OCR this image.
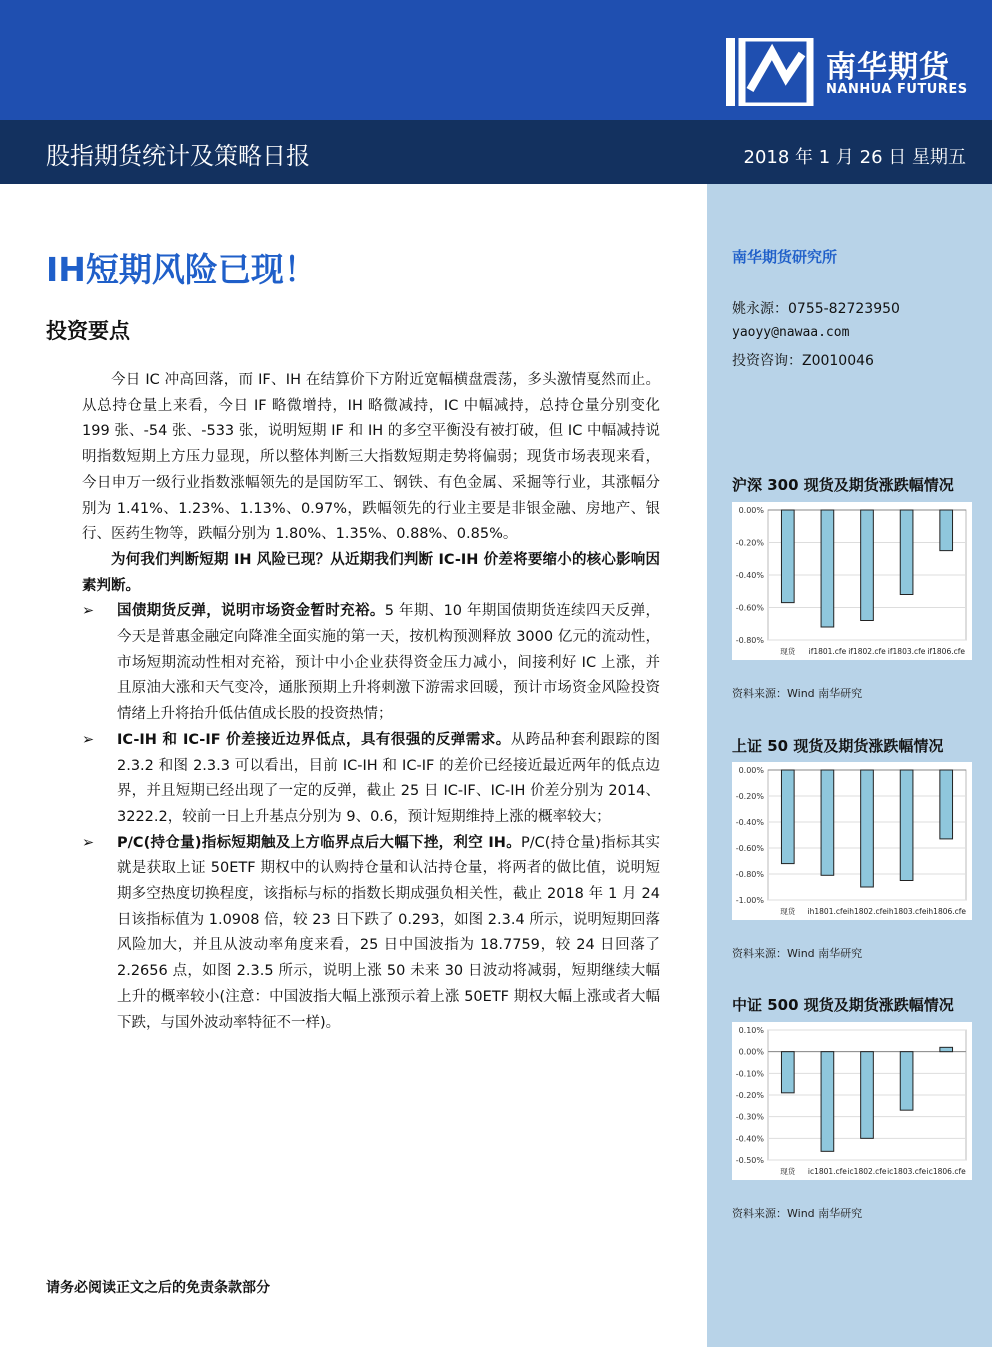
南华期货
NANHUA FUTURES
股指期货统计及策略日报	2018 年 1 月 26 日 星期五
IH短期风险已现！
投资要点

今日 IC 冲高回落，而 IF、IH 在结算价下方附近宽幅横盘震荡，多头激情戛然而止。从总持仓量上来看，今日 IF 略微增持，IH 略微减持，IC 中幅减持，总持仓量分别变化 199 张、-54 张、-533 张，说明短期 IF 和 IH 的多空平衡没有被打破，但 IC 中幅减持说明指数短期上方压力显现，所以整体判断三大指数短期走势将偏弱；现货市场表现来看，今日申万一级行业指数涨幅领先的是国防军工、钢铁、有色金属、采掘等行业，其涨幅分别为 1.41%、1.23%、1.13%、0.97%，跌幅领先的行业主要是非银金融、房地产、银行、医药生物等，跌幅分别为 1.80%、1.35%、0.88%、0.85%。

为何我们判断短期 IH 风险已现？从近期我们判断 IC-IH 价差将要缩小的核心影响因素判断。

➢ 国债期货反弹，说明市场资金暂时充裕。5 年期、10 年期国债期货连续四天反弹，今天是普惠金融定向降准全面实施的第一天，按机构预测释放 3000 亿元的流动性，市场短期流动性相对充裕，预计中小企业获得资金压力减小，间接利好 IC 上涨，并且原油大涨和天气变冷，通胀预期上升将刺激下游需求回暖，预计市场资金风险投资情绪上升将抬升低估值成长股的投资热情；

➢ IC-IH 和 IC-IF 价差接近边界低点，具有很强的反弹需求。从跨品种套利跟踪的图 2.3.2 和图 2.3.3 可以看出，目前 IC-IH 和 IC-IF 的差价已经接近最近两年的低点边界，并且短期已经出现了一定的反弹，截止 25 日 IC-IF、IC-IH 价差分别为 2014、3222.2，较前一日上升基点分别为 9、0.6，预计短期维持上涨的概率较大；

➢ P/C(持仓量)指标短期触及上方临界点后大幅下挫，利空 IH。P/C(持仓量)指标其实就是获取上证 50ETF 期权中的认购持仓量和认沽持仓量，将两者的做比值，说明短期多空热度切换程度，该指标与标的指数长期成强负相关性，截止 2018 年 1 月 24 日该指标值为 1.0908 倍，较 23 日下跌了 0.293，如图 2.3.4 所示，说明短期回落风险加大，并且从波动率角度来看，25 日中国波指为 18.7759，较 24 日回落了 2.2656 点，如图 2.3.5 所示，说明上涨 50 未来 30 日波动将减弱，短期继续大幅上升的概率较小(注意：中国波指大幅上涨预示着上涨 50ETF 期权大幅上涨或者大幅下跌，与国外波动率特征不一样)。

请务必阅读正文之后的免责条款部分
南华期货研究所
姚永源：0755-82723950
yaoyy@nawaa.com
投资咨询：Z0010046
沪深 300 现货及期货涨跌幅情况
0.00%
-0.20%
-0.40%
-0.60%
-0.80%
现货 if1801.cfe if1802.cfe if1803.cfe if1806.cfe
资料来源：Wind 南华研究
上证 50 现货及期货涨跌幅情况
0.00%
-0.20%
-0.40%
-0.60%
-0.80%
-1.00%
现货 ih1801.cfe ih1802.cfe ih1803.cfe ih1806.cfe
资料来源：Wind 南华研究
中证 500 现货及期货涨跌幅情况
0.10%
0.00%
-0.10%
-0.20%
-0.30%
-0.40%
-0.50%
现货 ic1801.cfe ic1802.cfe ic1803.cfe ic1806.cfe
资料来源：Wind 南华研究
